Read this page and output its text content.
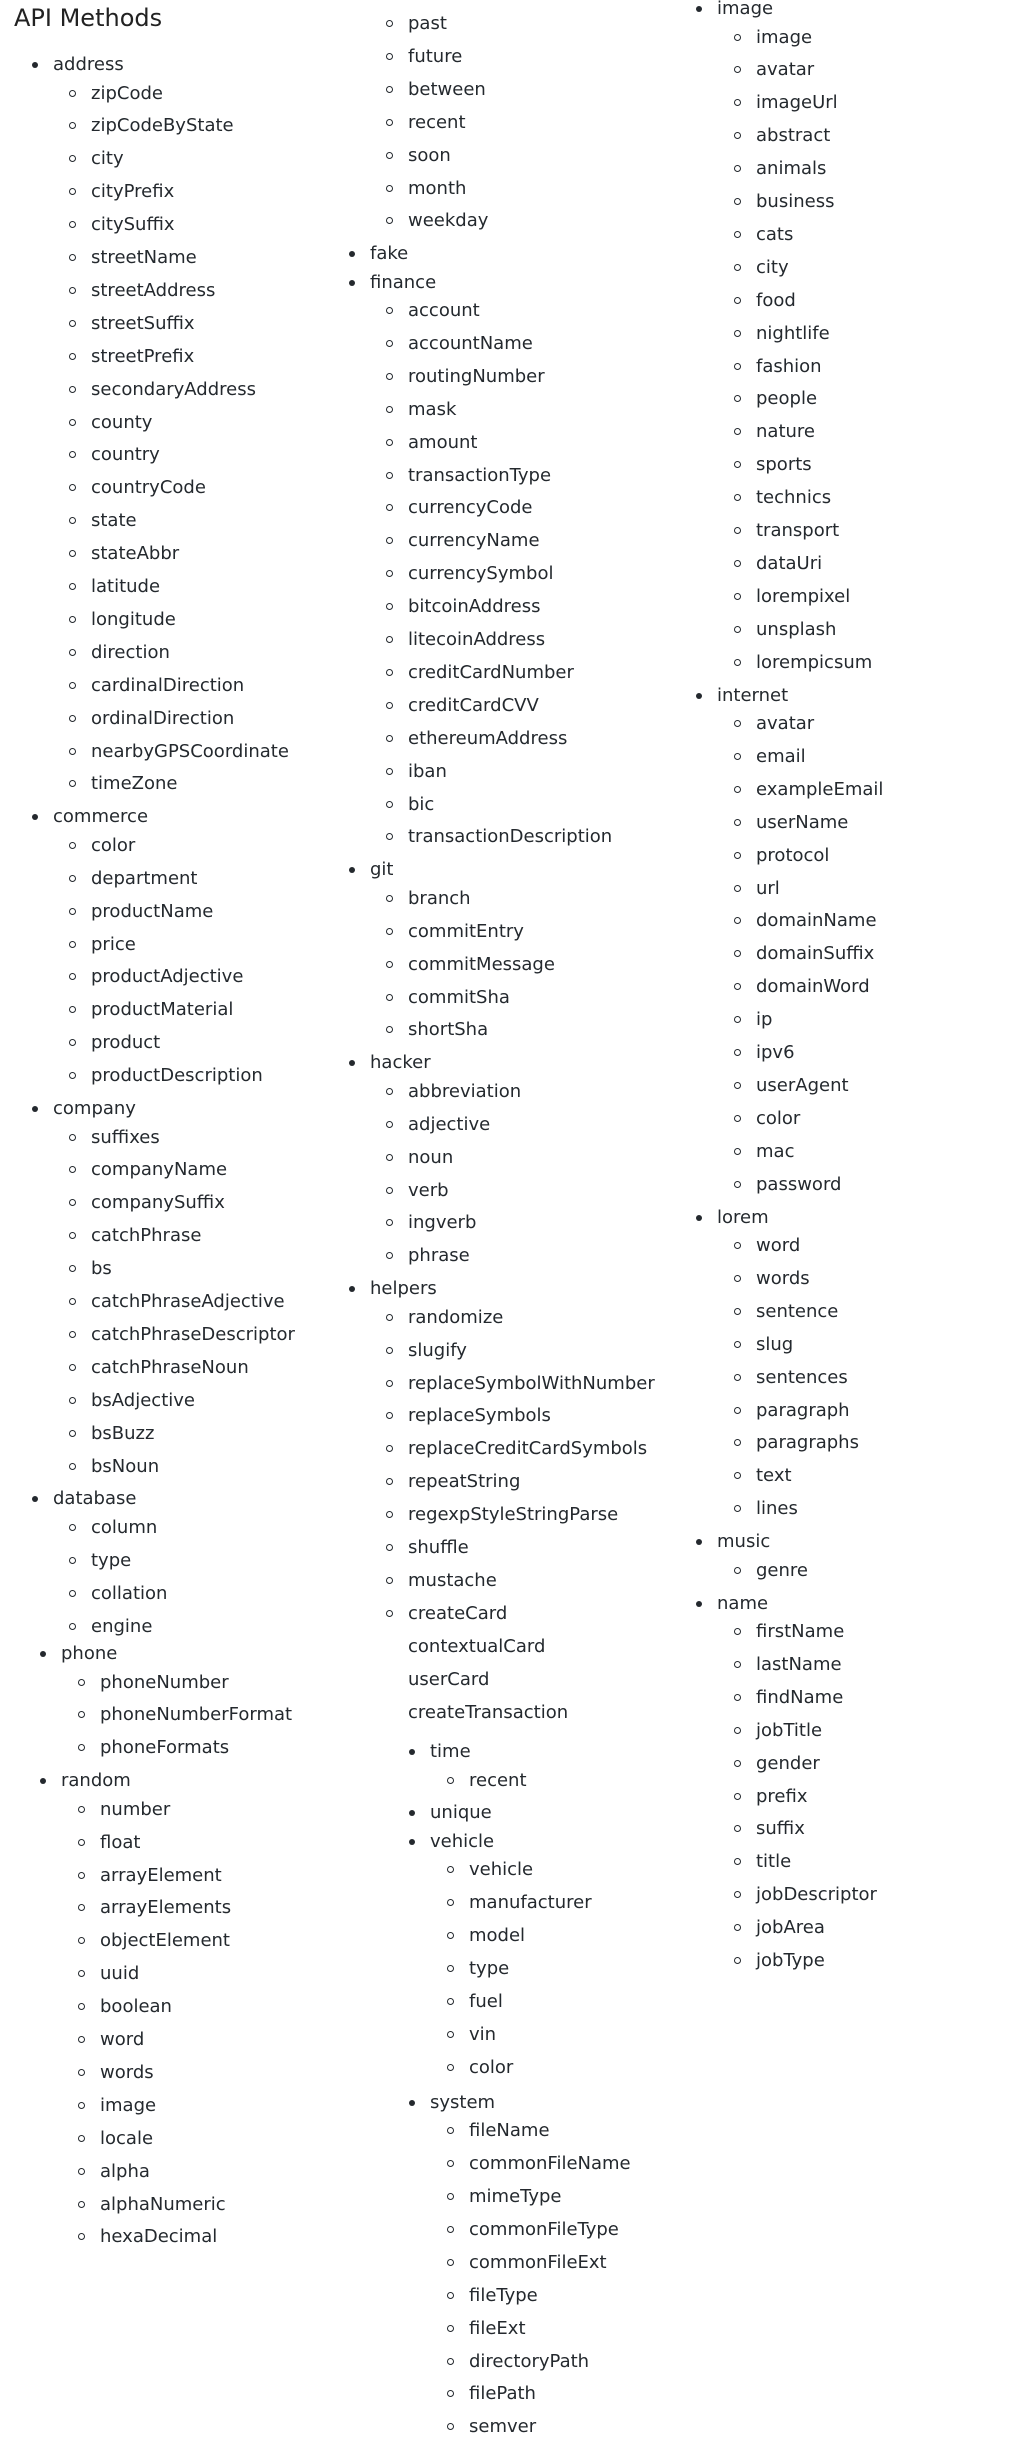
API Methods
address
zipCode
zipCodeByState
city
cityPrefix
citySuffix
streetName
streetAddress
streetSuffix
streetPrefix
secondaryAddress
county
country
countryCode
state
stateAbbr
latitude
longitude
direction
cardinalDirection
ordinalDirection
nearbyGPSCoordinate
timeZone
commerce
color
department
productName
price
productAdjective
productMaterial
product
productDescription
company
suffixes
companyName
companySuffix
catchPhrase
bs
catchPhraseAdjective
catchPhraseDescriptor
catchPhraseNoun
bsAdjective
bsBuzz
bsNoun
database
column
type
collation
engine
phone
phoneNumber
phoneNumberFormat
phoneFormats
random
number
float
arrayElement
arrayElements
objectElement
uuid
boolean
word
words
image
locale
alpha
alphaNumeric
hexaDecimal
past
future
between
recent
soon
month
weekday
fake
finance
account
accountName
routingNumber
mask
amount
transactionType
currencyCode
currencyName
currencySymbol
bitcoinAddress
litecoinAddress
creditCardNumber
creditCardCVV
ethereumAddress
iban
bic
transactionDescription
git
branch
commitEntry
commitMessage
commitSha
shortSha
hacker
abbreviation
adjective
noun
verb
ingverb
phrase
helpers
randomize
slugify
replaceSymbolWithNumber
replaceSymbols
replaceCreditCardSymbols
repeatString
regexpStyleStringParse
shuffle
mustache
createCard
contextualCard
userCard
createTransaction
time
recent
unique
vehicle
vehicle
manufacturer
model
type
fuel
vin
color
system
fileName
commonFileName
mimeType
commonFileType
commonFileExt
fileType
fileExt
directoryPath
filePath
semver
image
image
avatar
imageUrl
abstract
animals
business
cats
city
food
nightlife
fashion
people
nature
sports
technics
transport
dataUri
lorempixel
unsplash
lorempicsum
internet
avatar
email
exampleEmail
userName
protocol
url
domainName
domainSuffix
domainWord
ip
ipv6
userAgent
color
mac
password
lorem
word
words
sentence
slug
sentences
paragraph
paragraphs
text
lines
music
genre
name
firstName
lastName
findName
jobTitle
gender
prefix
suffix
title
jobDescriptor
jobArea
jobType
